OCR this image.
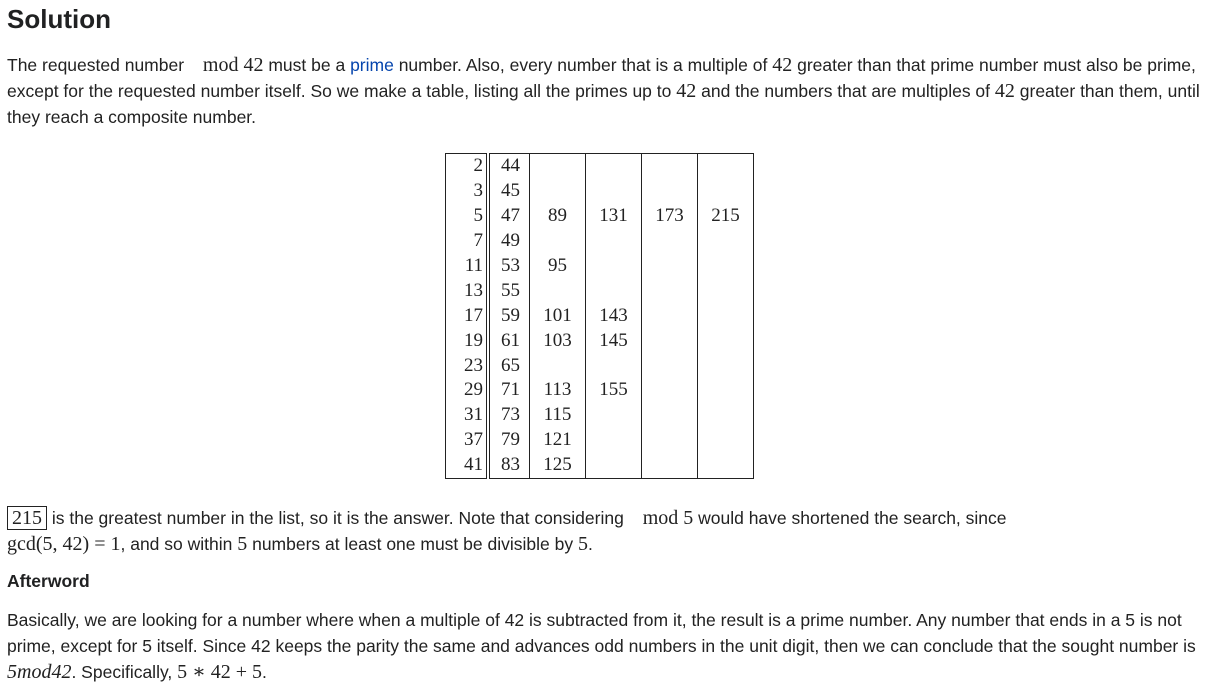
Solution

The requested number mod 42 must be a prime number. Also, every number that is a multiple of 42 greater than that prime number must also be prime, except for the requested number itself. So we make a table, listing all the primes up to 42 and the numbers that are multiples of 42 greater than them, until they reach a composite number.

2	44				
3	45				
5	47	89	131	173	215
7	49				
11	53	95			
13	55				
17	59	101	143		
19	61	103	145		
23	65				
29	71	113	155		
31	73	115			
37	79	121			
41	83	125			

215 is the greatest number in the list, so it is the answer. Note that considering mod 5 would have shortened the search, since
gcd(5, 42) = 1, and so within 5 numbers at least one must be divisible by 5.

Afterword

Basically, we are looking for a number where when a multiple of 42 is subtracted from it, the result is a prime number. Any number that ends in a 5 is not prime, except for 5 itself. Since 42 keeps the parity the same and advances odd numbers in the unit digit, then we can conclude that the sought number is 5mod42. Specifically, 5 ∗ 42 + 5.
